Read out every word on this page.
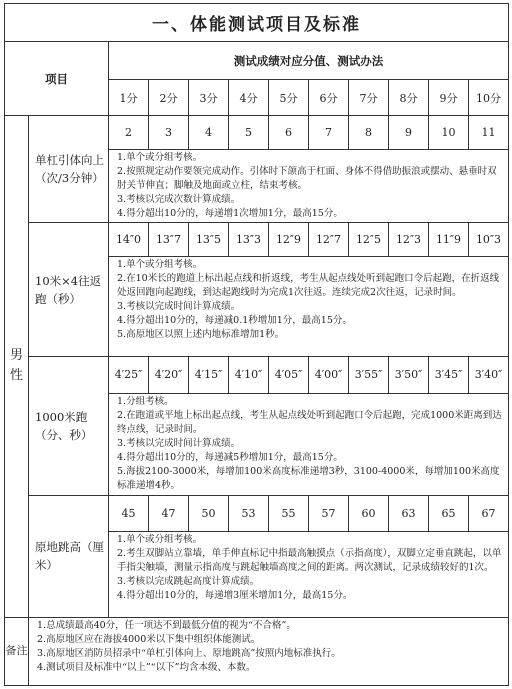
一、体能测试项目及标准											
项目		测试成绩对应分值、测试办法									
		1分	2分	3分	4分	5分	6分	7分	8分	9分	10分
男性	单杠引体向上（次/3分钟）	2	3	4	5	6	7	8	9	10	11

		1.单个或分组考核。
2.按照规定动作要领完成动作。引体时下颌高于杠面、身体不得借助振浪或摆动、悬垂时双肘关节伸直；脚触及地面或立柱，结束考核。
3.考核以完成次数计算成绩。
4.得分超出10分的，每递增1次增加1分，最高15分。									

	10米×4往返跑（秒）	14″0	13″7	13″5	13″3	12″9	12″7	12″5	12″3	11″9	10″3

		1.单个或分组考核。
2.在10米长的跑道上标出起点线和折返线，考生从起点线处听到起跑口令后起跑，在折返线处返回跑向起跑线，到达起跑线时为完成1次往返。连续完成2次往返，记录时间。
3.考核以完成时间计算成绩。
4.得分超出10分的，每递减0.1秒增加1分，最高15分。
5.高原地区以照上述内地标准增加1秒。									

	1000米跑（分、秒）	4′25″	4′20″	4′15″	4′10″	4′05″	4′00″	3′55″	3′50″	3′45″	3′40″

		1.分组考核。
2.在跑道或平地上标出起点线，考生从起点线处听到起跑口令后起跑，完成1000米距离到达终点线，记录时间。
3.考核以完成时间计算成绩。
4.得分超出10分的，每递减5秒增加1分，最高15分。
5.海拔2100-3000米，每增加100米高度标准递增3秒，3100-4000米，每增加100米高度标准递增4秒。									

	原地跳高（厘米）	45	47	50	53	55	57	60	63	65	67

		1.单个或分组考核。
2.考生双脚站立靠墙，单手伸直标记中指最高触摸点（示指高度），双脚立定垂直跳起，以单手指尖触墙，测量示指高度与跳起触墙高度之间的距离。两次测试，记录成绩较好的1次。
3.考核以完成跳起高度计算成绩。
4.得分超出10分的，每递增3厘米增加1分，最高15分。									

备注	1.总成绩最高40分，任一项达不到最低分值的视为“不合格”。
2.高原地区应在海拔4000米以下集中组织体能测试。
3.高原地区消防员招录中“单杠引体向上、原地跳高”按照内地标准执行。
4.测试项目及标准中“以上”“以下”均含本级、本数。										
